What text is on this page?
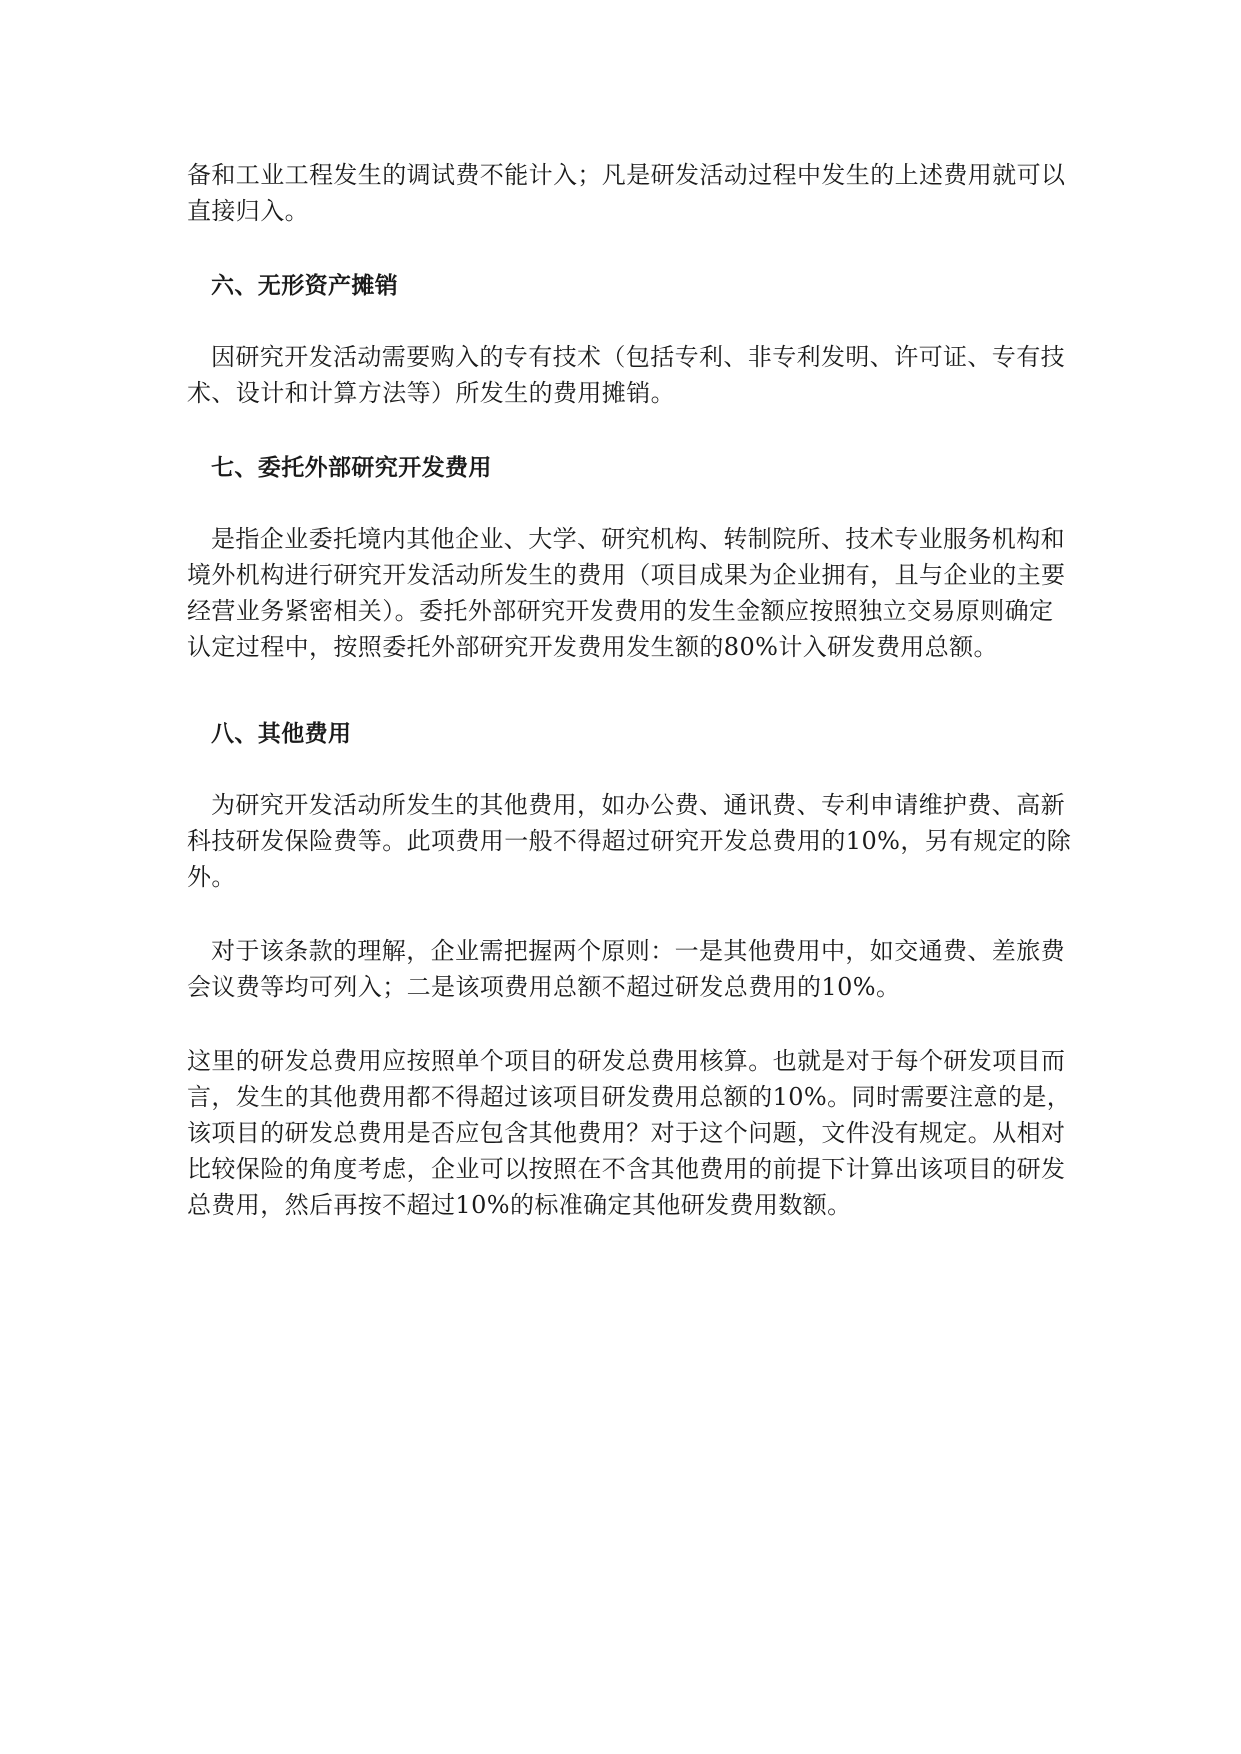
备和工业工程发生的调试费不能计入；凡是研发活动过程中发生的上述费用就可以
直接归入。
六、无形资产摊销
因研究开发活动需要购入的专有技术（包括专利、非专利发明、许可证、专有技
术、设计和计算方法等）所发生的费用摊销。
七、委托外部研究开发费用
是指企业委托境内其他企业、大学、研究机构、转制院所、技术专业服务机构和
境外机构进行研究开发活动所发生的费用（项目成果为企业拥有，且与企业的主要
经营业务紧密相关）。委托外部研究开发费用的发生金额应按照独立交易原则确定
认定过程中，按照委托外部研究开发费用发生额的80%计入研发费用总额。
八、其他费用
为研究开发活动所发生的其他费用，如办公费、通讯费、专利申请维护费、高新
科技研发保险费等。此项费用一般不得超过研究开发总费用的10%，另有规定的除
外。
对于该条款的理解，企业需把握两个原则：一是其他费用中，如交通费、差旅费
会议费等均可列入；二是该项费用总额不超过研发总费用的10%。
这里的研发总费用应按照单个项目的研发总费用核算。也就是对于每个研发项目而
言，发生的其他费用都不得超过该项目研发费用总额的10%。同时需要注意的是，
该项目的研发总费用是否应包含其他费用？对于这个问题，文件没有规定。从相对
比较保险的角度考虑，企业可以按照在不含其他费用的前提下计算出该项目的研发
总费用，然后再按不超过10%的标准确定其他研发费用数额。
